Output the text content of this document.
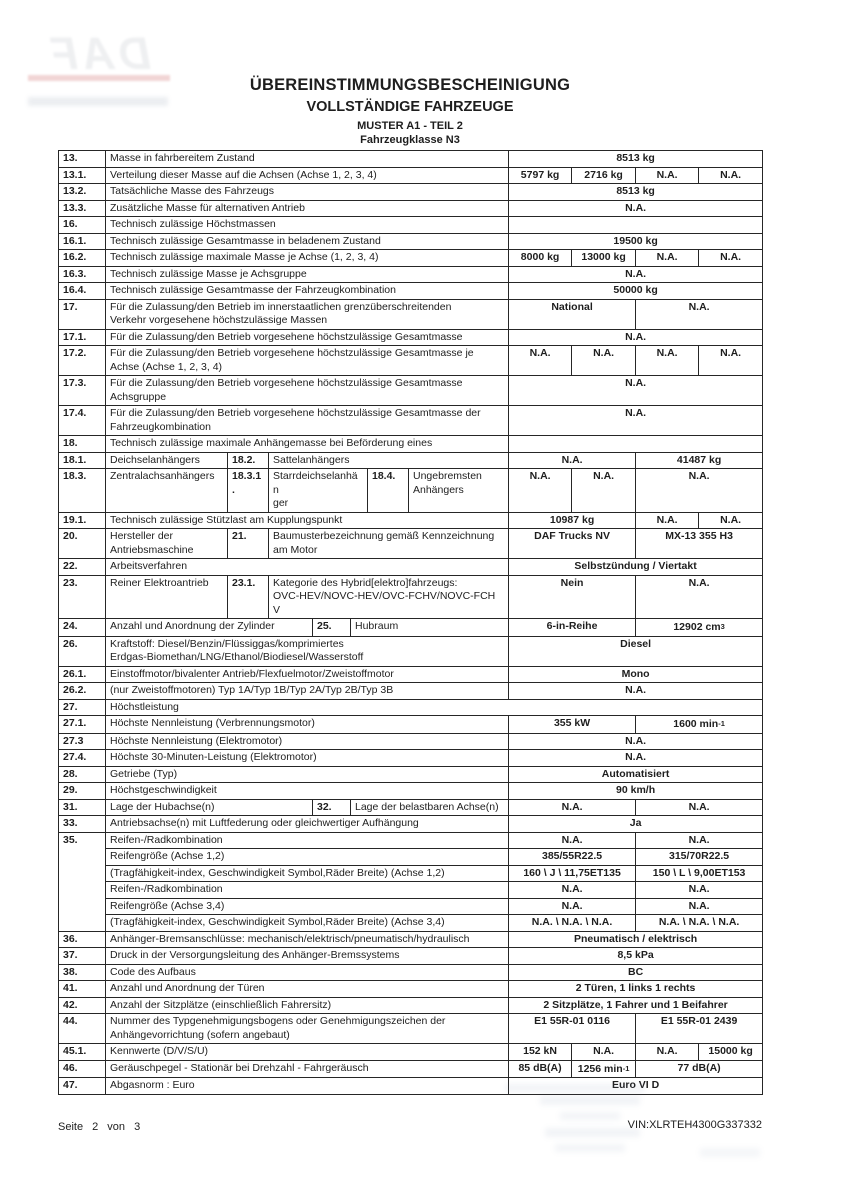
DAF
ÜBEREINSTIMMUNGSBESCHEINIGUNG
VOLLSTÄNDIGE FAHRZEUGE
MUSTER A1 - TEIL 2
Fahrzeugklasse N3
13.	Masse in fahrbereitem Zustand							8513 kg			
13.1.	Verteilung dieser Masse auf die Achsen (Achse 1, 2, 3, 4)							5797 kg	2716 kg	N.A.	N.A.
13.2.	Tatsächliche Masse des Fahrzeugs							8513 kg			
13.3.	Zusätzliche Masse für alternativen Antrieb							N.A.			
16.	Technisch zulässige Höchstmassen										
16.1.	Technisch zulässige Gesamtmasse in beladenem Zustand							19500 kg			
16.2.	Technisch zulässige maximale Masse je Achse (1, 2, 3, 4)							8000 kg	13000 kg	N.A.	N.A.
16.3.	Technisch zulässige Masse je Achsgruppe							N.A.			
16.4.	Technisch zulässige Gesamtmasse der Fahrzeugkombination							50000 kg			
17.	Für die Zulassung/den Betrieb im innerstaatlichen grenzüberschreitenden
Verkehr vorgesehene höchstzulässige Massen							National		N.A.	
17.1.	Für die Zulassung/den Betrieb vorgesehene höchstzulässige Gesamtmasse							N.A.			
17.2.	Für die Zulassung/den Betrieb vorgesehene höchstzulässige Gesamtmasse je
Achse (Achse 1, 2, 3, 4)							N.A.	N.A.	N.A.	N.A.
17.3.	Für die Zulassung/den Betrieb vorgesehene höchstzulässige Gesamtmasse
Achsgruppe							N.A.			
17.4.	Für die Zulassung/den Betrieb vorgesehene höchstzulässige Gesamtmasse der
Fahrzeugkombination							N.A.			
18.	Technisch zulässige maximale Anhängemasse bei Beförderung eines										
18.1.	Deichselanhängers	18.2.	Sattelanhängers					N.A.		41487 kg	
18.3.	Zentralachsanhängers	18.3.1.	Starrdeichselanhän
ger			18.4.	Ungebremsten
Anhängers	N.A.	N.A.	N.A.	
19.1.	Technisch zulässige Stützlast am Kupplungspunkt							10987 kg		N.A.	N.A.
20.	Hersteller der
Antriebsmaschine	21.	Baumusterbezeichnung gemäß Kennzeichnung
am Motor					DAF Trucks NV		MX-13 355 H3	
22.	Arbeitsverfahren							Selbstzündung / Viertakt			
23.	Reiner Elektroantrieb	23.1.	Kategorie des Hybrid[elektro]fahrzeugs:
OVC-HEV/NOVC-HEV/OVC-FCHV/NOVC-FCH
V					Nein		N.A.	
24.	Anzahl und Anordnung der Zylinder			25.	Hubraum			6-in-Reihe		12902 cm3	
26.	Kraftstoff: Diesel/Benzin/Flüssiggas/komprimiertes
Erdgas-Biomethan/LNG/Ethanol/Biodiesel/Wasserstoff							Diesel			
26.1.	Einstoffmotor/bivalenter Antrieb/Flexfuelmotor/Zweistoffmotor							Mono			
26.2.	(nur Zweistoffmotoren) Typ 1A/Typ 1B/Typ 2A/Typ 2B/Typ 3B							N.A.			
27.	Höchstleistung										
27.1.	Höchste Nennleistung (Verbrennungsmotor)							355 kW		1600 min-1	
27.3	Höchste Nennleistung (Elektromotor)							N.A.			
27.4.	Höchste 30-Minuten-Leistung (Elektromotor)							N.A.			
28.	Getriebe (Typ)							Automatisiert			
29.	Höchstgeschwindigkeit							90 km/h			
31.	Lage der Hubachse(n)			32.	Lage der belastbaren Achse(n)			N.A.		N.A.	
33.	Antriebsachse(n) mit Luftfederung oder gleichwertiger Aufhängung							Ja			
35.	Reifen-/Radkombination							N.A.		N.A.	
	Reifengröße (Achse 1,2)							385/55R22.5		315/70R22.5	
	(Tragfähigkeit-index, Geschwindigkeit Symbol,Räder Breite) (Achse 1,2)							160 \ J \ 11,75ET135		150 \ L \ 9,00ET153	
	Reifen-/Radkombination							N.A.		N.A.	
	Reifengröße (Achse 3,4)							N.A.		N.A.	
	(Tragfähigkeit-index, Geschwindigkeit Symbol,Räder Breite) (Achse 3,4)							N.A. \ N.A. \ N.A.		N.A. \ N.A. \ N.A.	
36.	Anhänger-Bremsanschlüsse: mechanisch/elektrisch/pneumatisch/hydraulisch							Pneumatisch / elektrisch			
37.	Druck in der Versorgungsleitung des Anhänger-Bremssystems							8,5 kPa			
38.	Code des Aufbaus							BC			
41.	Anzahl und Anordnung der Türen							2 Türen, 1 links 1 rechts			
42.	Anzahl der Sitzplätze (einschließlich Fahrersitz)							2 Sitzplätze, 1 Fahrer und 1 Beifahrer			
44.	Nummer des Typgenehmigungsbogens oder Genehmigungszeichen der
Anhängevorrichtung (sofern angebaut)							E1 55R-01 0116		E1 55R-01 2439	
45.1.	Kennwerte (D/V/S/U)							152 kN	N.A.	N.A.	15000 kg
46.	Geräuschpegel - Stationär bei Drehzahl - Fahrgeräusch							85 dB(A)	1256 min-1	77 dB(A)	
47.	Abgasnorm : Euro							Euro VI D			
Seite 2 von 3	VIN:XLRTEH4300G337332
